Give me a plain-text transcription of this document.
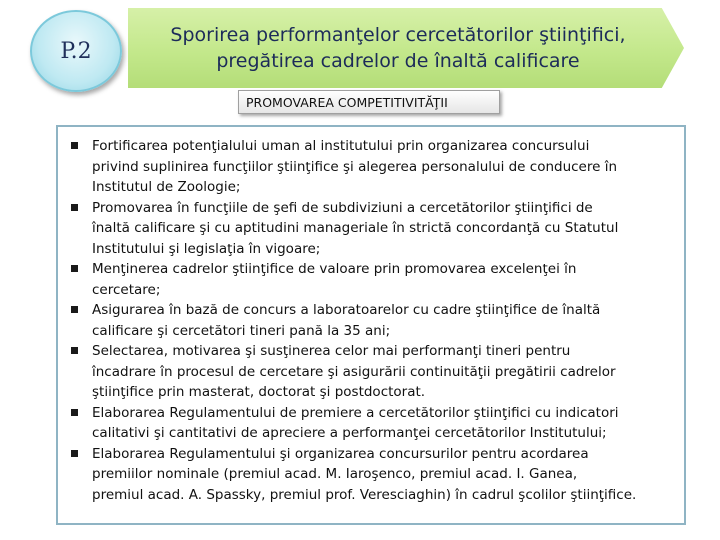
P.2
Sporirea performanţelor cercetătorilor ştiinţifici,
pregătirea cadrelor de înaltă calificare
PROMOVAREA COMPETITIVITĂŢII
Fortificarea potenţialului uman al institutului prin organizarea concursului
privind suplinirea funcţiilor ştiinţifice şi alegerea personalului de conducere în
Institutul de Zoologie;
Promovarea în funcţiile de şefi de subdiviziuni a cercetătorilor ştiinţifici de
înaltă calificare şi cu aptitudini manageriale în strictă concordanţă cu Statutul
Institutului şi legislaţia în vigoare;
Menţinerea cadrelor ştiinţifice de valoare prin promovarea excelenţei în
cercetare;
Asigurarea în bază de concurs a laboratoarelor cu cadre ştiinţifice de înaltă
calificare şi cercetători tineri pană la 35 ani;
Selectarea, motivarea şi susţinerea celor mai performanţi tineri pentru
încadrare în procesul de cercetare şi asigurării continuităţii pregătirii cadrelor
ştiinţifice prin masterat, doctorat şi postdoctorat.
Elaborarea Regulamentului de premiere a cercetătorilor ştiinţifici cu indicatori
calitativi şi cantitativi de apreciere a performanţei cercetătorilor Institutului;
Elaborarea Regulamentului şi organizarea concursurilor pentru acordarea
premiilor nominale (premiul acad. M. Iaroşenco, premiul acad. I. Ganea,
premiul acad. A. Spassky, premiul prof. Veresciaghin) în cadrul şcolilor ştiinţifice.
